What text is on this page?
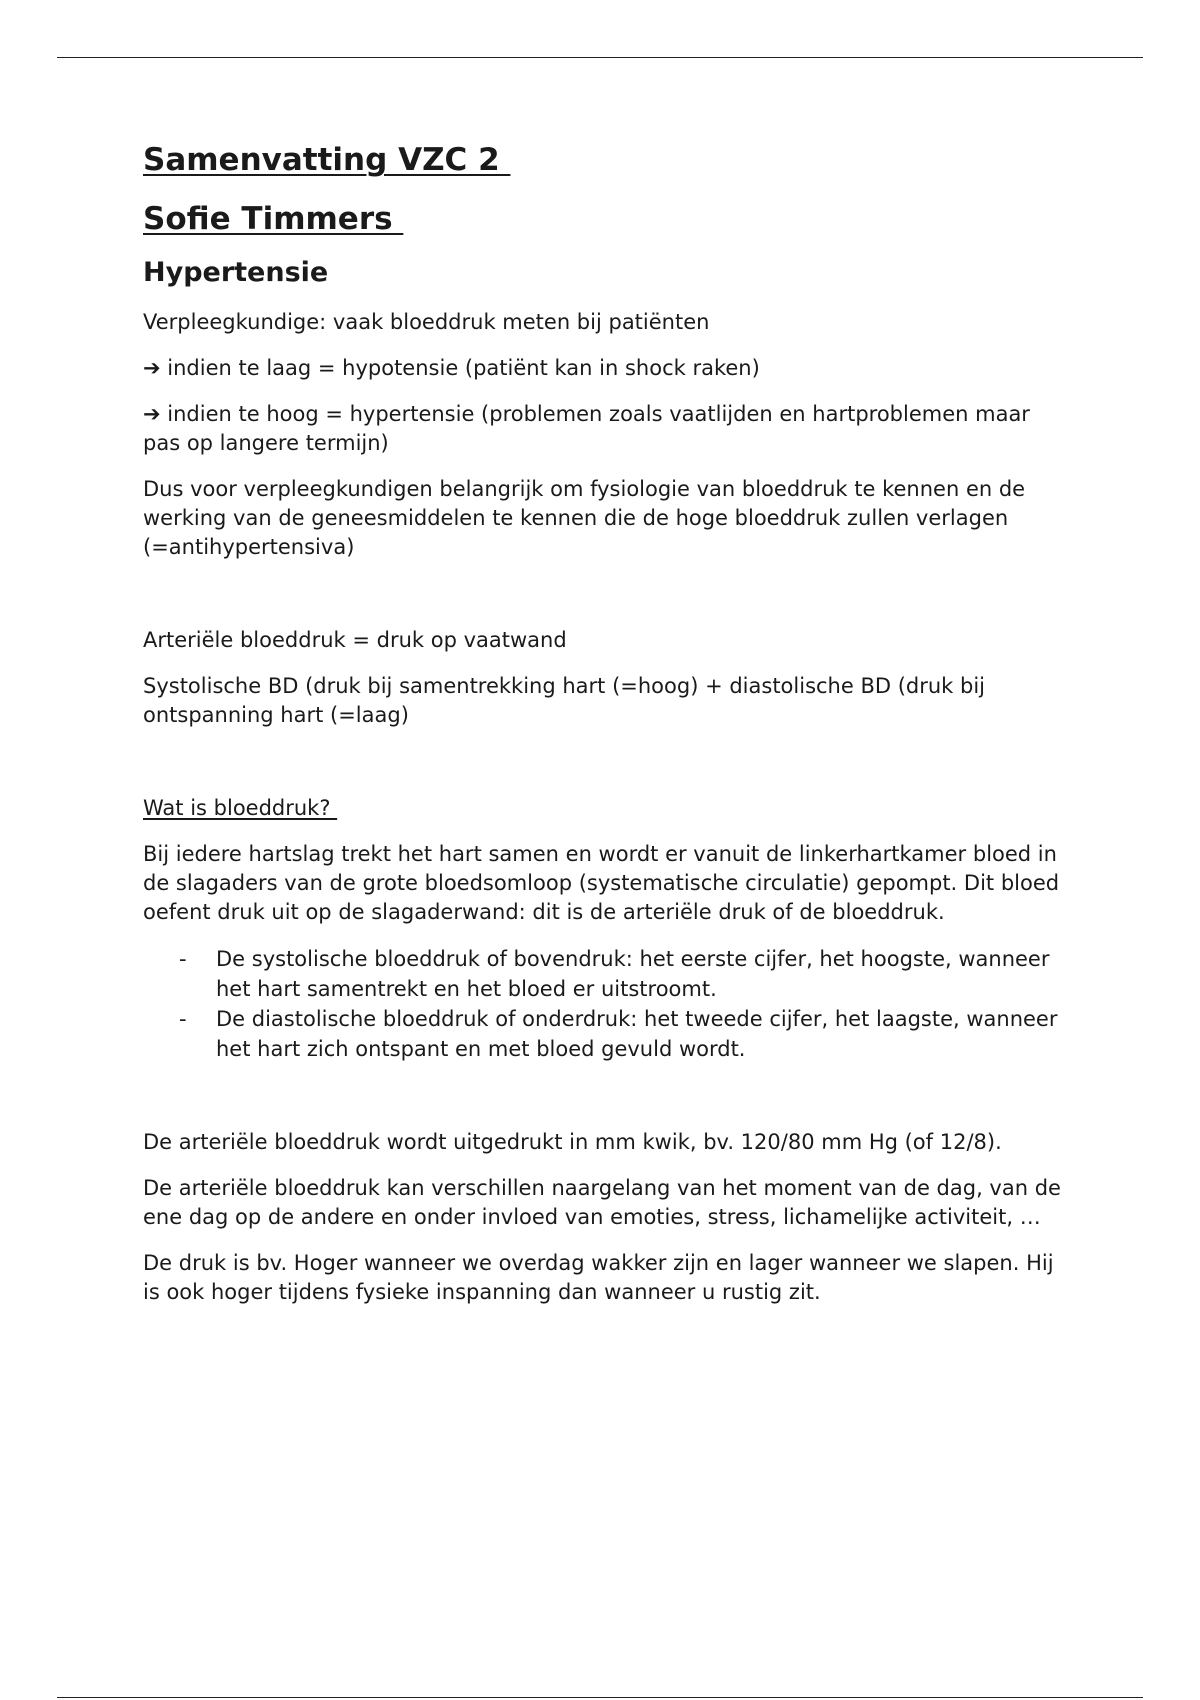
Samenvatting VZC 2
Sofie Timmers
Hypertensie

Verpleegkundige: vaak bloeddruk meten bij patiënten

➔ indien te laag = hypotensie (patiënt kan in shock raken)

➔ indien te hoog = hypertensie (problemen zoals vaatlijden en hartproblemen maar pas op langere termijn)

Dus voor verpleegkundigen belangrijk om fysiologie van bloeddruk te kennen en de werking van de geneesmiddelen te kennen die de hoge bloeddruk zullen verlagen (=antihypertensiva)

Arteriële bloeddruk = druk op vaatwand

Systolische BD (druk bij samentrekking hart (=hoog) + diastolische BD (druk bij ontspanning hart (=laag)

Wat is bloeddruk?

Bij iedere hartslag trekt het hart samen en wordt er vanuit de linkerhartkamer bloed in de slagaders van de grote bloedsomloop (systematische circulatie) gepompt. Dit bloed oefent druk uit op de slagaderwand: dit is de arteriële druk of de bloeddruk.

- De systolische bloeddruk of bovendruk: het eerste cijfer, het hoogste, wanneer het hart samentrekt en het bloed er uitstroomt.
- De diastolische bloeddruk of onderdruk: het tweede cijfer, het laagste, wanneer het hart zich ontspant en met bloed gevuld wordt.

De arteriële bloeddruk wordt uitgedrukt in mm kwik, bv. 120/80 mm Hg (of 12/8).

De arteriële bloeddruk kan verschillen naargelang van het moment van de dag, van de ene dag op de andere en onder invloed van emoties, stress, lichamelijke activiteit, …

De druk is bv. Hoger wanneer we overdag wakker zijn en lager wanneer we slapen. Hij is ook hoger tijdens fysieke inspanning dan wanneer u rustig zit.
